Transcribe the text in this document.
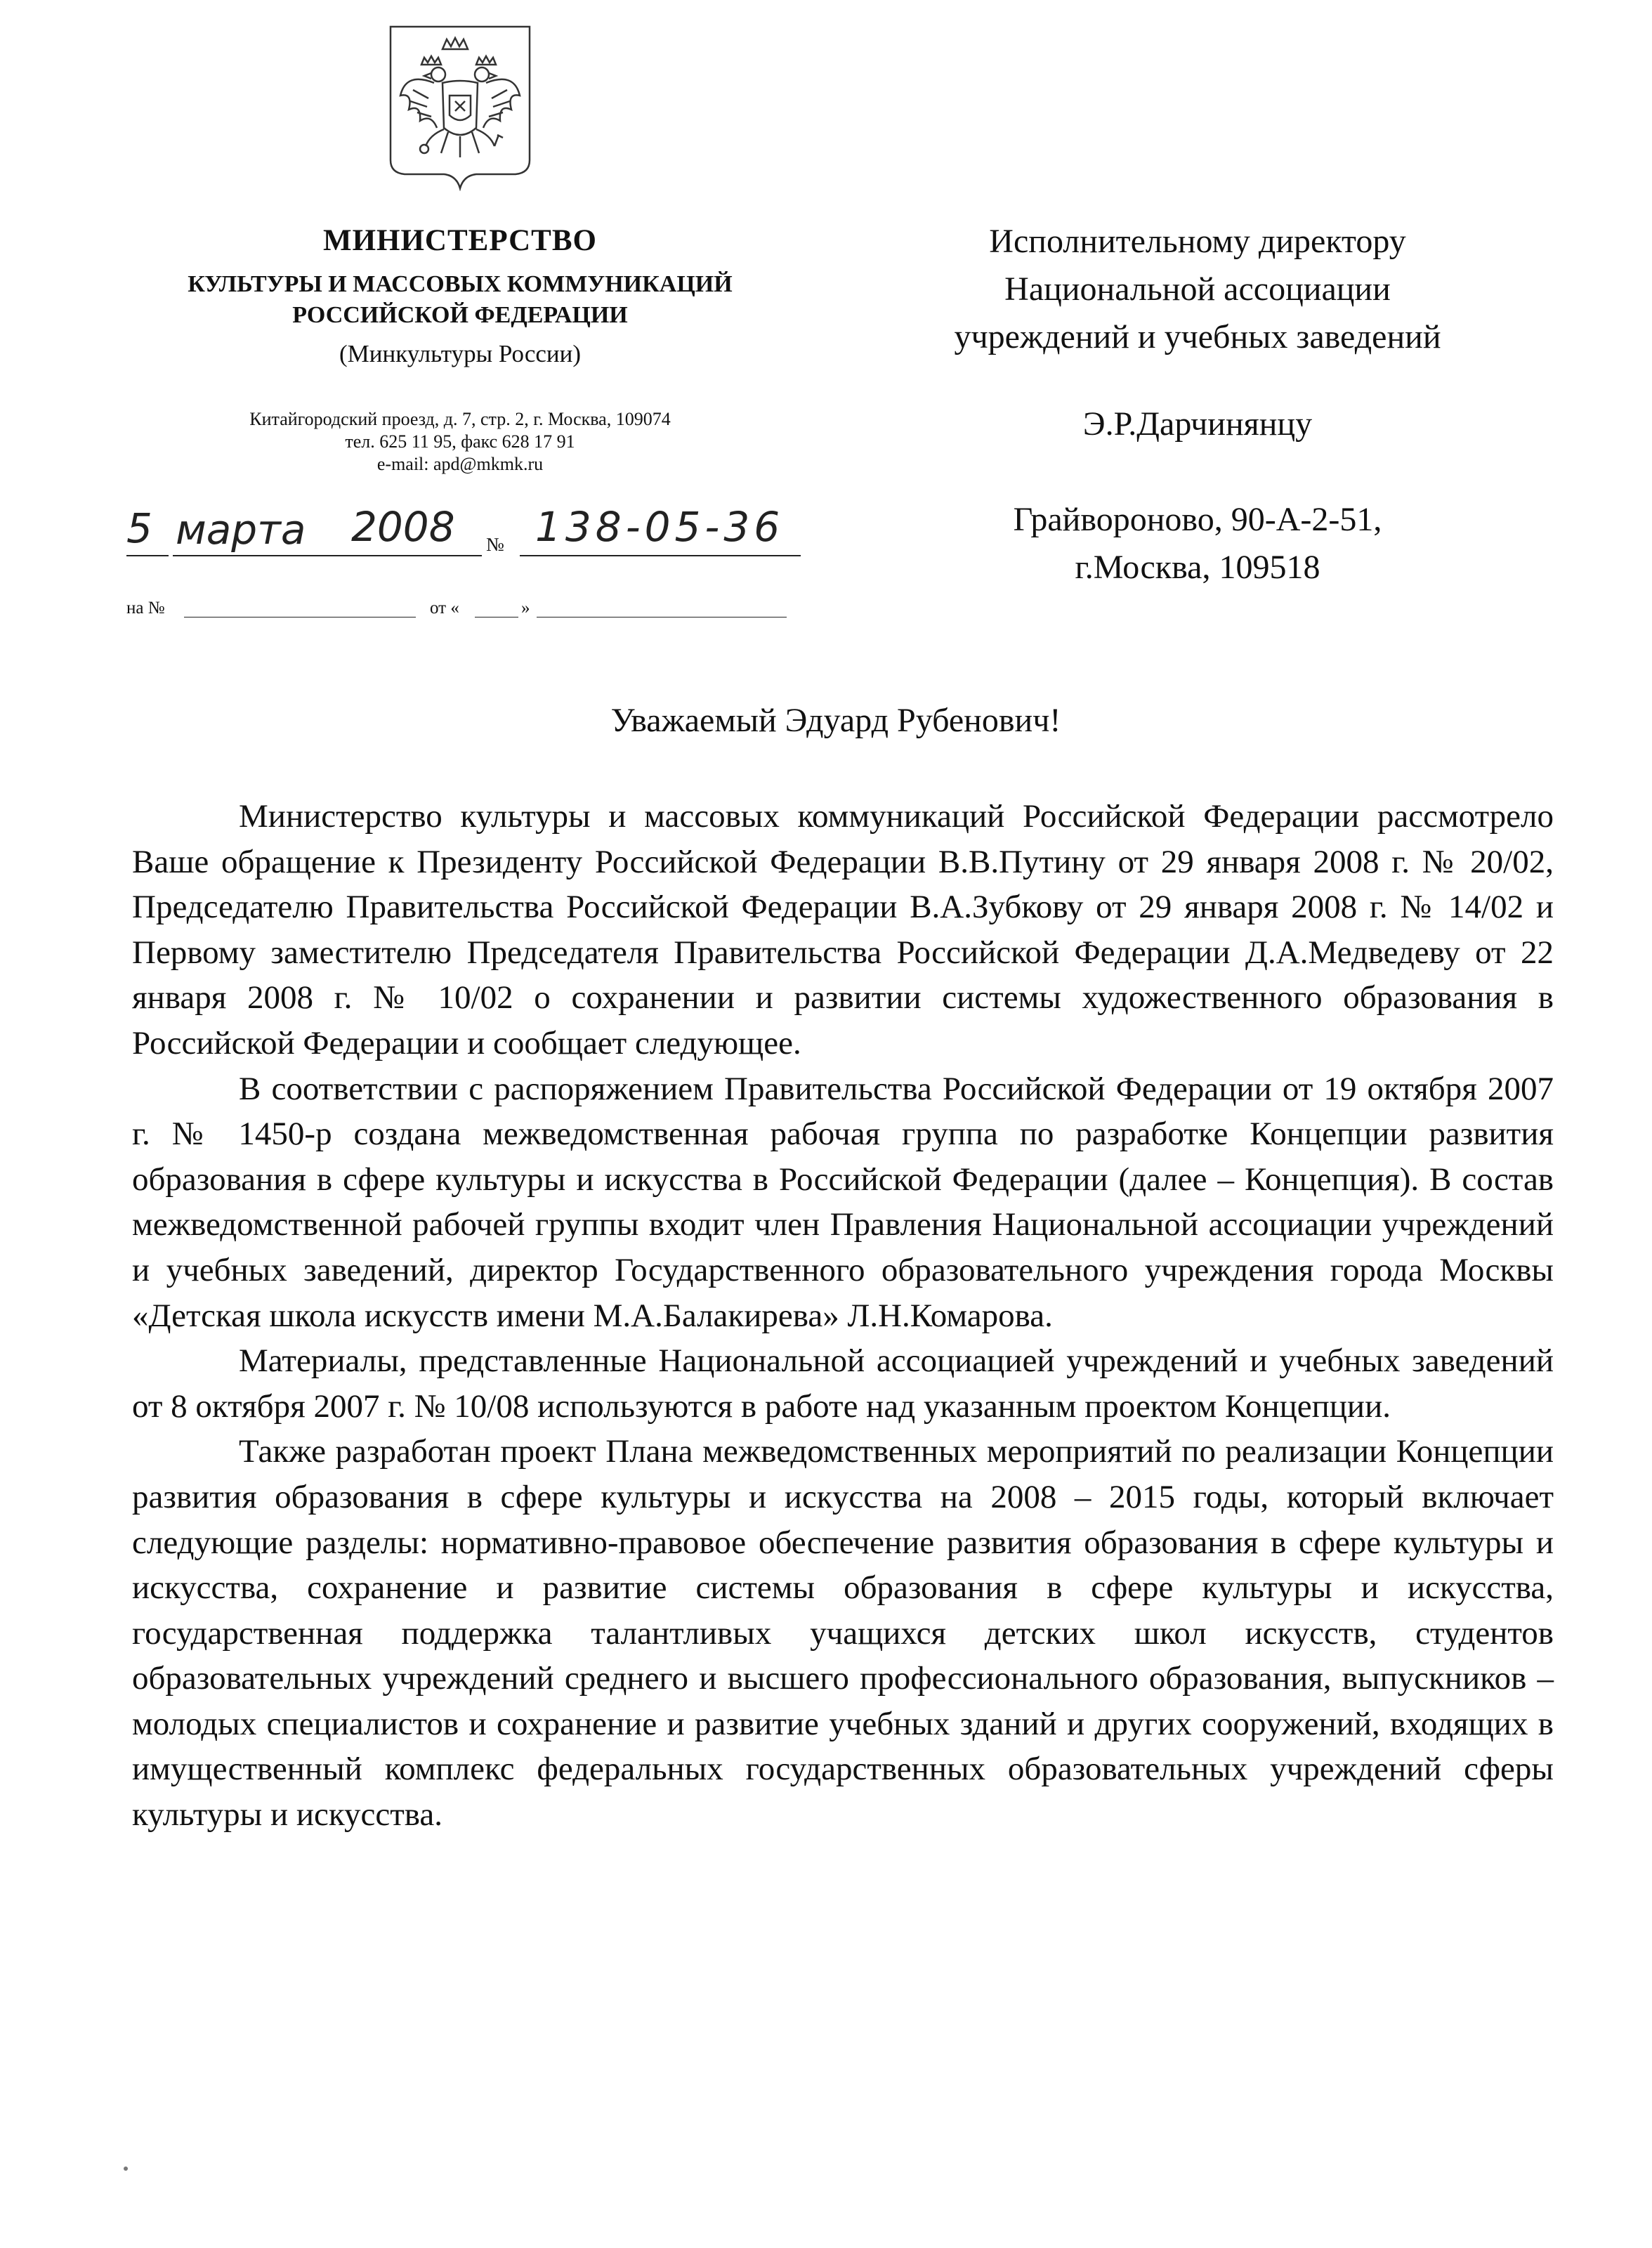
МИНИСТЕРСТВО
КУЛЬТУРЫ И МАССОВЫХ КОММУНИКАЦИЙ
РОССИЙСКОЙ ФЕДЕРАЦИИ
(Минкультуры России)
Китайгородский проезд, д. 7, стр. 2, г. Москва, 109074
тел. 625 11 95, факс 628 17 91
e-mail: apd@mkmk.ru
5 марта 2008 № 138-05-36
на №	от «	»
Исполнительному директору
Национальной ассоциации
учреждений и учебных заведений
Э.Р.Дарчинянцу
Грайвороново, 90-А-2-51,
г.Москва, 109518
Уважаемый Эдуард Рубенович!

Министерство культуры и массовых коммуникаций Российской Федерации рассмотрело Ваше обращение к Президенту Российской Федерации В.В.Путину от 29 января 2008 г. № 20/02, Председателю Правительства Российской Федерации В.А.Зубкову от 29 января 2008 г. № 14/02 и Первому заместителю Председателя Правительства Российской Федерации Д.А.Медведеву от 22 января 2008 г. № 10/02 о сохранении и развитии системы художественного образования в Российской Федерации и сообщает следующее.

В соответствии с распоряжением Правительства Российской Федерации от 19 октября 2007 г. № 1450-р создана межведомственная рабочая группа по разработке Концепции развития образования в сфере культуры и искусства в Российской Федерации (далее – Концепция). В состав межведомственной рабочей группы входит член Правления Национальной ассоциации учреждений и учебных заведений, директор Государственного образовательного учреждения города Москвы «Детская школа искусств имени М.А.Балакирева» Л.Н.Комарова.

Материалы, представленные Национальной ассоциацией учреждений и учебных заведений от 8 октября 2007 г. № 10/08 используются в работе над указанным проектом Концепции.

Также разработан проект Плана межведомственных мероприятий по реализации Концепции развития образования в сфере культуры и искусства на 2008 – 2015 годы, который включает следующие разделы: нормативно-правовое обеспечение развития образования в сфере культуры и искусства, сохранение и развитие системы образования в сфере культуры и искусства, государственная поддержка талантливых учащихся детских школ искусств, студентов образовательных учреждений среднего и высшего профессионального образования, выпускников – молодых специалистов и сохранение и развитие учебных зданий и других сооружений, входящих в имущественный комплекс федеральных государственных образовательных учреждений сферы культуры и искусства.
